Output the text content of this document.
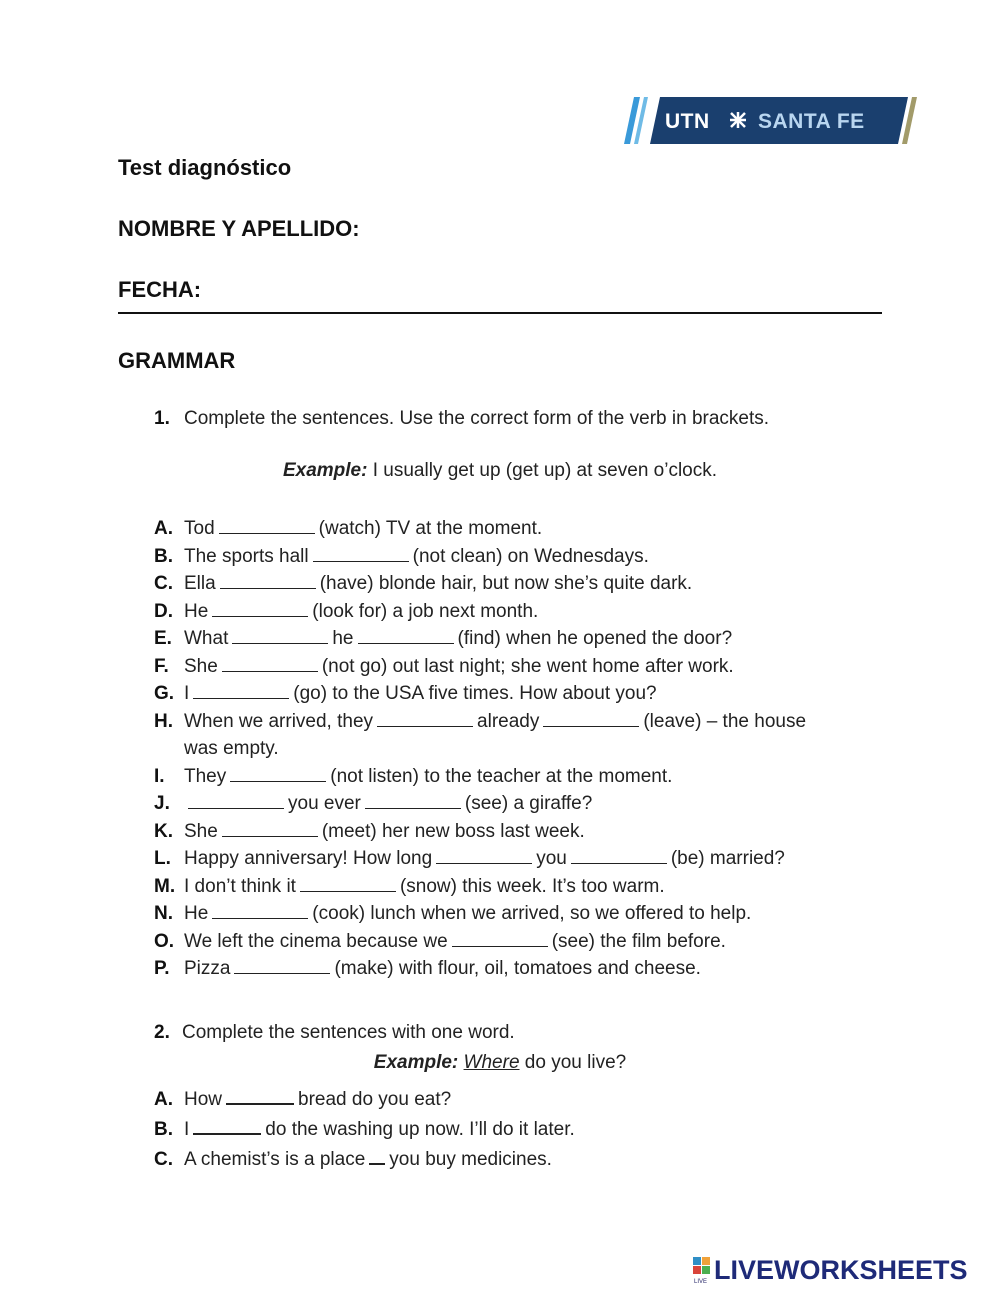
UTN SANTA FE
Test diagnóstico
NOMBRE Y APELLIDO:
FECHA:
GRAMMAR
1. Complete the sentences. Use the correct form of the verb in brackets.
Example: I usually get up (get up) at seven o’clock.
A. Tod	(watch) TV at the moment.
B. The sports hall	(not clean) on Wednesdays.
C. Ella	(have) blonde hair, but now she’s quite dark.
D. He	(look for) a job next month.
E. What	he	(find) when he opened the door?
F. She	(not go) out last night; she went home after work.
G. I	(go) to the USA five times. How about you?
H. When we arrived, they	already	(leave) – the house
was empty.
I. They	(not listen) to the teacher at the moment.
J.	you ever	(see) a giraffe?
K. She	(meet) her new boss last week.
L. Happy anniversary! How long	you	(be) married?
M. I don’t think it	(snow) this week. It’s too warm.
N. He	(cook) lunch when we arrived, so we offered to help.
O. We left the cinema because we	(see) the film before.
P. Pizza	(make) with flour, oil, tomatoes and cheese.
2. Complete the sentences with one word.
Example: Where do you live?
A. How	bread do you eat?
B. I	do the washing up now. I’ll do it later.
C. A chemist’s is a place you buy medicines.
LIVE LIVEWORKSHEETS
